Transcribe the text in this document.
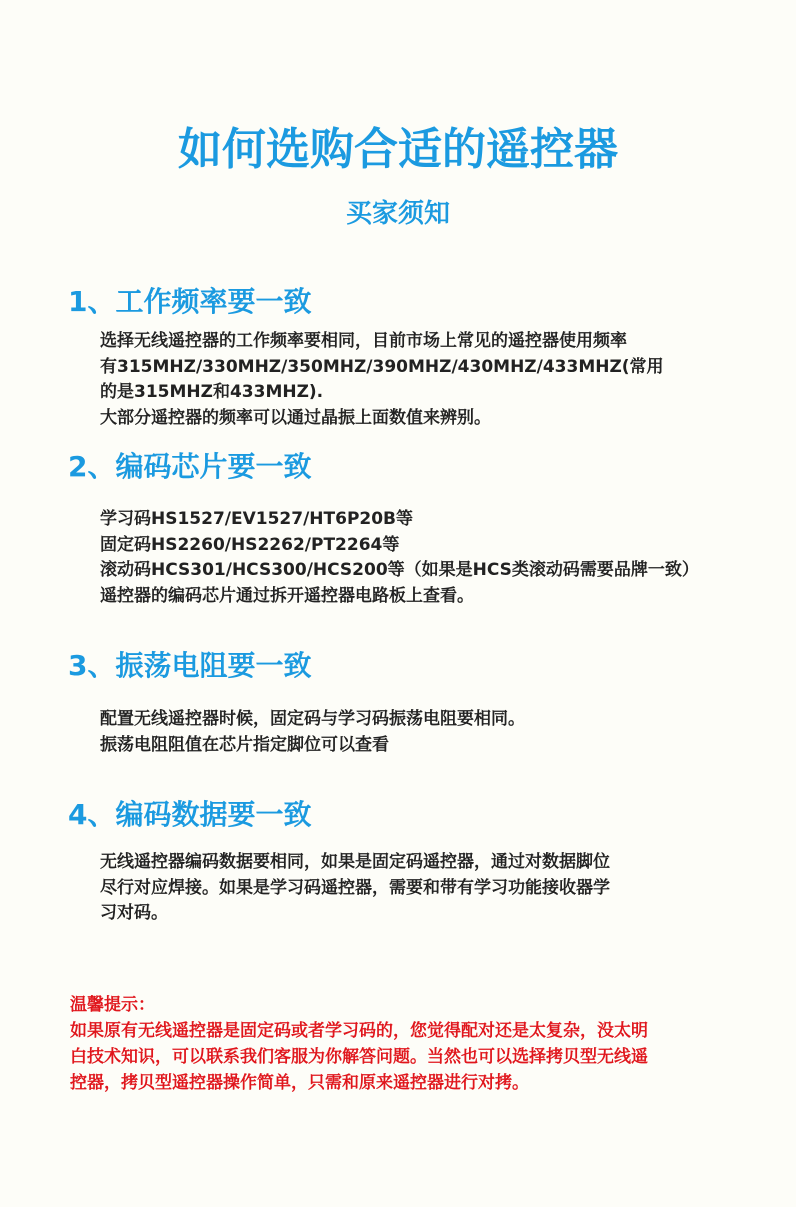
如何选购合适的遥控器
买家须知
1、工作频率要一致
选择无线遥控器的工作频率要相同，目前市场上常见的遥控器使用频率
有315MHZ/330MHZ/350MHZ/390MHZ/430MHZ/433MHZ(常用
的是315MHZ和433MHZ).
大部分遥控器的频率可以通过晶振上面数值来辨别。
2、编码芯片要一致
学习码HS1527/EV1527/HT6P20B等
固定码HS2260/HS2262/PT2264等
滚动码HCS301/HCS300/HCS200等（如果是HCS类滚动码需要品牌一致）
遥控器的编码芯片通过拆开遥控器电路板上查看。
3、振荡电阻要一致
配置无线遥控器时候，固定码与学习码振荡电阻要相同。
振荡电阻阻值在芯片指定脚位可以查看
4、编码数据要一致
无线遥控器编码数据要相同，如果是固定码遥控器，通过对数据脚位
尽行对应焊接。如果是学习码遥控器，需要和带有学习功能接收器学
习对码。
温馨提示：
如果原有无线遥控器是固定码或者学习码的，您觉得配对还是太复杂，没太明
白技术知识，可以联系我们客服为你解答问题。当然也可以选择拷贝型无线遥
控器，拷贝型遥控器操作简单，只需和原来遥控器进行对拷。
